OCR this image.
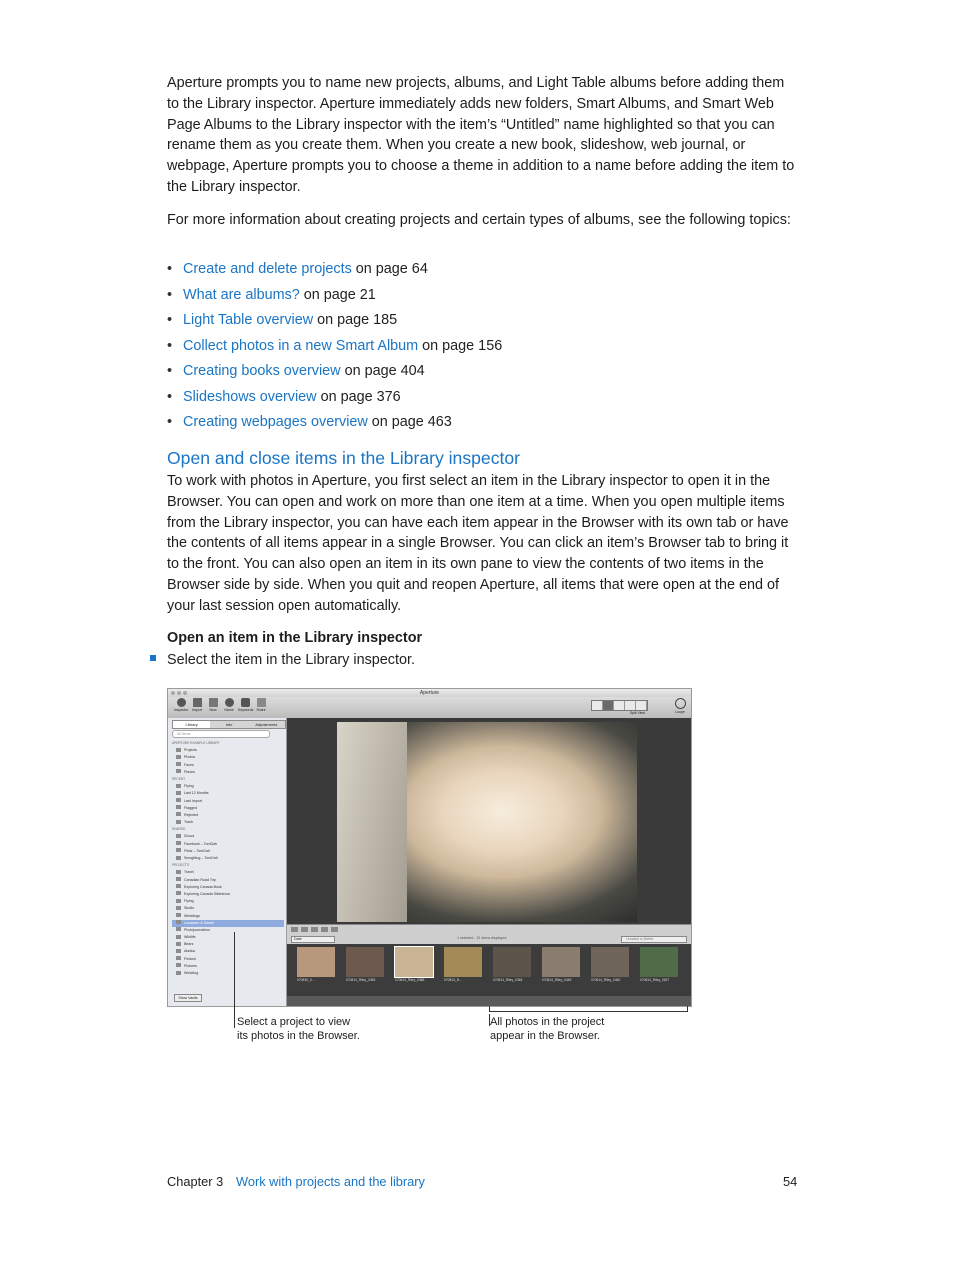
Aperture prompts you to name new projects, albums, and Light Table albums before adding them to the Library inspector. Aperture immediately adds new folders, Smart Albums, and Smart Web Page Albums to the Library inspector with the item’s “Untitled” name highlighted so that you can rename them as you create them. When you create a new book, slideshow, web journal, or webpage, Aperture prompts you to choose a theme in addition to a name before adding the item to the Library inspector.

For more information about creating projects and certain types of albums, see the following topics:

• Create and delete projects on page 64
• What are albums? on page 21
• Light Table overview on page 185
• Collect photos in a new Smart Album on page 156
• Creating books overview on page 404
• Slideshows overview on page 376
• Creating webpages overview on page 463
Open and close items in the Library inspector

To work with photos in Aperture, you first select an item in the Library inspector to open it in the Browser. You can open and work on more than one item at a time. When you open multiple items from the Library inspector, you can have each item appear in the Browser with its own tab or have the contents of all items appear in a single Browser. You can click an item’s Browser tab to bring it to the front. You can also open an item in its own pane to view the contents of two items in the Browser side by side. When you quit and reopen Aperture, all items that were open at the end of your last session open automatically.

Open an item in the Library inspector
Select the item in the Library inspector.
Aperture
Inspector	Import	New	Name	Keywords Share
Split View	Loupe
Library	Info	Adjustments
All Items
APERTURE EXAMPLE LIBRARY
Projects
Photos
Faces
Places
RECENT
Flying
Last 12 Months
Last Import
Flagged
Rejected
Trash
SHARED
iCloud
Facebook – TomDah
Flickr – TomDah
SmugMug – TomDah
PROJECTS
Travel
Canadian Road Trip
Exploring Canada Book
Exploring Canada Slideshow
Flying
Studio
Weddings
Lucassen & Daniel
Photojournalism
Wildlife
Bears
Alaska
Finland
Pictures
Wedding
Show Vaults
Date	1 selected - 51 items displayed	Unrated or Better
070830_0…	070814_Riley_0383	070814_Riley_0388	070813_R…	070814_Riley_0348	070814_Riley_0449	070814_Riley_0462	070814_Riley_0827
Select a project to view
its photos in the Browser.
All photos in the project
appear in the Browser.
Chapter 3 Work with projects and the library	54
